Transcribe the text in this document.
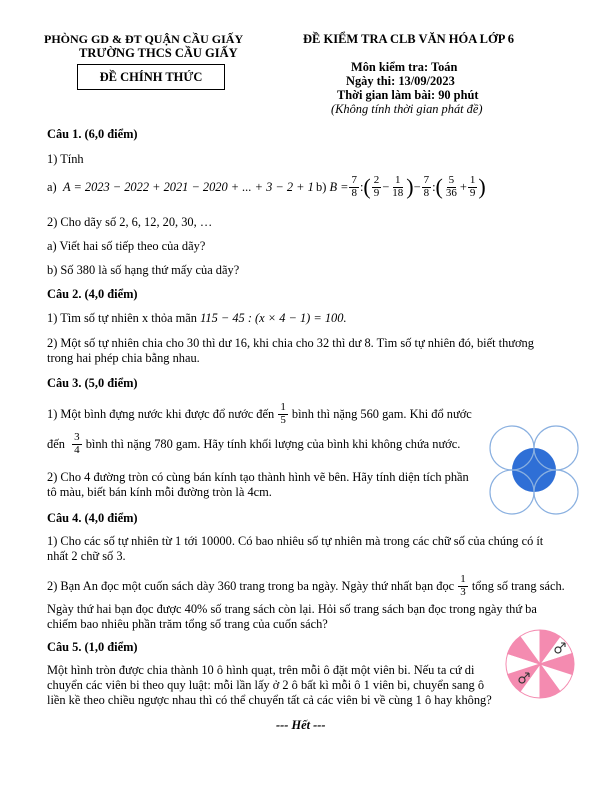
PHÒNG GD & ĐT QUẬN CẦU GIẤY
TRƯỜNG THCS CẦU GIẤY
ĐỀ CHÍNH THỨC
ĐỀ KIỂM TRA CLB VĂN HÓA LỚP 6
Môn kiểm tra: Toán
Ngày thi: 13/09/2023
Thời gian làm bài: 90 phút
(Không tính thời gian phát đề)
Câu 1. (6,0 điểm)
1) Tính
a) A = 2023 − 2022 + 2021 − 2020 + ... + 3 − 2 + 1 b)
$B = \frac{7}{8}$ : ( $\frac{2}{9} - \frac{1}{18}$ ) − $\frac{7}{8}$ : ( $\frac{5}{36} + \frac{1}{9}$ )
2) Cho dãy số 2, 6, 12, 20, 30, …
a) Viết hai số tiếp theo của dãy?
b) Số 380 là số hạng thứ mấy của dãy?
Câu 2. (4,0 điểm)
1) Tìm số tự nhiên x thỏa mãn 115 − 45 : (x × 4 − 1) = 100.
2) Một số tự nhiên chia cho 30 thì dư 16, khi chia cho 32 thì dư 8. Tìm số tự nhiên đó, biết thương trong hai phép chia bằng nhau.
Câu 3. (5,0 điểm)
1) Một bình đựng nước khi được đổ nước đến
$\frac{1}{5}$
bình thì nặng 560 gam. Khi đổ nước
đến
$\frac{3}{4}$
bình thì nặng 780 gam. Hãy tính khối lượng của bình khi không chứa nước.
2) Cho 4 đường tròn có cùng bán kính tạo thành hình vẽ bên. Hãy tính diện tích phần tô màu, biết bán kính mỗi đường tròn là 4cm.
Câu 4. (4,0 điểm)
1) Cho các số tự nhiên từ 1 tới 10000. Có bao nhiêu số tự nhiên mà trong các chữ số của chúng có ít nhất 2 chữ số 3.
2) Bạn An đọc một cuốn sách dày 360 trang trong ba ngày. Ngày thứ nhất bạn đọc
$\frac{1}{3}$
tổng số trang sách.
Ngày thứ hai bạn đọc được 40% số trang sách còn lại. Hỏi số trang sách bạn đọc trong ngày thứ ba chiếm bao nhiêu phần trăm tổng số trang của cuốn sách?
Câu 5. (1,0 điểm)
Một hình tròn được chia thành 10 ô hình quạt, trên mỗi ô đặt một viên bi. Nếu ta cứ di chuyển các viên bi theo quy luật: mỗi lần lấy ở 2 ô bất kì mỗi ô 1 viên bi, chuyển sang ô liền kề theo chiều ngược nhau thì có thể chuyển tất cả các viên bi về cùng 1 ô hay không?
--- Hết ---
